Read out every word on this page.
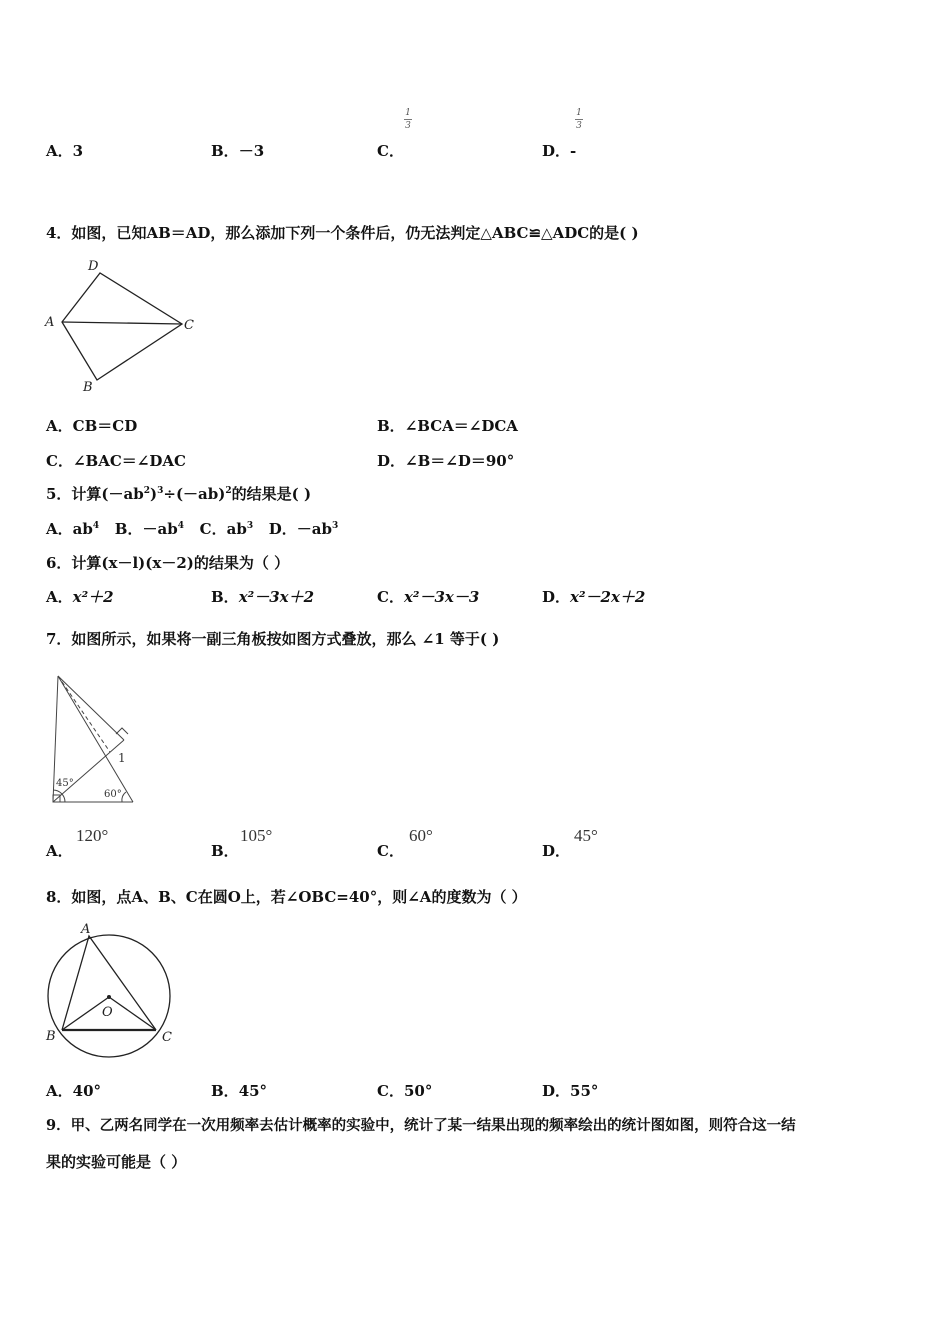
A．3	B．－3	C．
1
3
D．-
1
3
4．如图，已知AB＝AD，那么添加下列一个条件后，仍无法判定△ABC≌△ADC的是( )
D
A	C
B
A．CB＝CD	B．∠BCA＝∠DCA
C．∠BAC＝∠DAC	D．∠B＝∠D＝90°
5．计算$(-ab^2)^3\div(-ab)^2$的结果是( )
A．$ab^4$ B．$-ab^4$ C．$ab^3$ D．$-ab^3$
6．计算(x－l)(x－2)的结果为（ ）
A．x²＋2	B．x²－3x＋2	C．x²－3x－3	D．x²－2x＋2
7．如图所示，如果将一副三角板按如图方式叠放，那么 ∠1 等于( )
45°
60°
1
A．
120°
B．
105°
C．
60°
D．
45°
8．如图，点A、B、C在圆O上，若∠OBC=40°，则∠A的度数为（ ）
A
B	C
O
A．40°	B．45°	C．50°	D．55°
9．甲、乙两名同学在一次用频率去估计概率的实验中，统计了某一结果出现的频率绘出的统计图如图，则符合这一结
果的实验可能是（ ）
